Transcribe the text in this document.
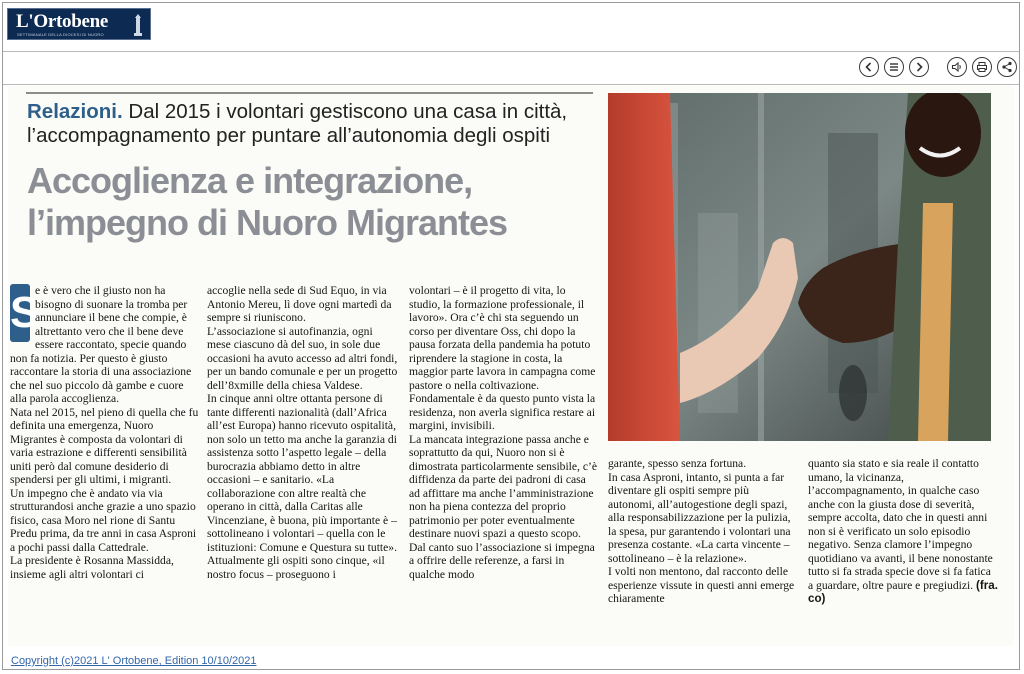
L'Ortobene
SETTIMANALE DELLA DIOCESI DI NUORO
Relazioni. Dal 2015 i volontari gestiscono una casa in città, l’accompagnamento per puntare all’autonomia degli ospiti
Accoglienza e integrazione, l’impegno di Nuoro Migrantes
S

e è vero che il giusto non ha bisogno di suonare la tromba per annunciare il bene che compie, è altrettanto vero che il bene deve essere raccontato, specie quando non fa notizia. Per questo è giusto raccontare la storia di una associazione che nel suo piccolo dà gambe e cuore alla parola accoglienza.
Nata nel 2015, nel pieno di quella che fu definita una emergenza, Nuoro Migrantes è composta da volontari di varia estrazione e differenti sensibilità uniti però dal comune desiderio di spendersi per gli ultimi, i migranti.
Un impegno che è andato via via strutturandosi anche grazie a uno spazio fisico, casa Moro nel rione di Santu Predu prima, da tre anni in casa Asproni a pochi passi dalla Cattedrale.
La presidente è Rosanna Massidda, insieme agli altri volontari ci

accoglie nella sede di Sud Equo, in via Antonio Mereu, lì dove ogni martedì da sempre si riuniscono.
L’associazione si autofinanzia, ogni mese ciascuno dà del suo, in sole due occasioni ha avuto accesso ad altri fondi, per un bando comunale e per un progetto dell’8xmille della chiesa Valdese.
In cinque anni oltre ottanta persone di tante differenti nazionalità (dall’Africa all’est Europa) hanno ricevuto ospitalità, non solo un tetto ma anche la garanzia di assistenza sotto l’aspetto legale – della burocrazia abbiamo detto in altre occasioni – e sanitario. «La collaborazione con altre realtà che operano in città, dalla Caritas alle Vincenziane, è buona, più importante è – sottolineano i volontari – quella con le istituzioni: Comune e Questura su tutte».
Attualmente gli ospiti sono cinque, «il nostro focus – proseguono i

volontari – è il progetto di vita, lo studio, la formazione professionale, il lavoro». Ora c’è chi sta seguendo un corso per diventare Oss, chi dopo la pausa forzata della pandemia ha potuto riprendere la stagione in costa, la maggior parte lavora in campagna come pastore o nella coltivazione. Fondamentale è da questo punto vista la residenza, non averla significa restare ai margini, invisibili.
La mancata integrazione passa anche e soprattutto da qui, Nuoro non si è dimostrata particolarmente sensibile, c’è diffidenza da parte dei padroni di casa ad affittare ma anche l’amministrazione non ha piena contezza del proprio patrimonio per poter eventualmente destinare nuovi spazi a questo scopo.
Dal canto suo l’associazione si impegna a offrire delle referenze, a farsi in qualche modo

garante, spesso senza fortuna.
In casa Asproni, intanto, si punta a far diventare gli ospiti sempre più autonomi, all’autogestione degli spazi, alla responsabilizzazione per la pulizia, la spesa, pur garantendo i volontari una presenza costante. «La carta vincente – sottolineano – è la relazione».
I volti non mentono, dal racconto delle esperienze vissute in questi anni emerge chiaramente

quanto sia stato e sia reale il contatto umano, la vicinanza, l’accompagnamento, in qualche caso anche con la giusta dose di severità, sempre accolta, dato che in questi anni non si è verificato un solo episodio negativo. Senza clamore l’impegno quotidiano va avanti, il bene nonostante tutto si fa strada specie dove si fa fatica a guardare, oltre paure e pregiudizi. (fra. co)

Copyright (c)2021 L' Ortobene, Edition 10/10/2021
